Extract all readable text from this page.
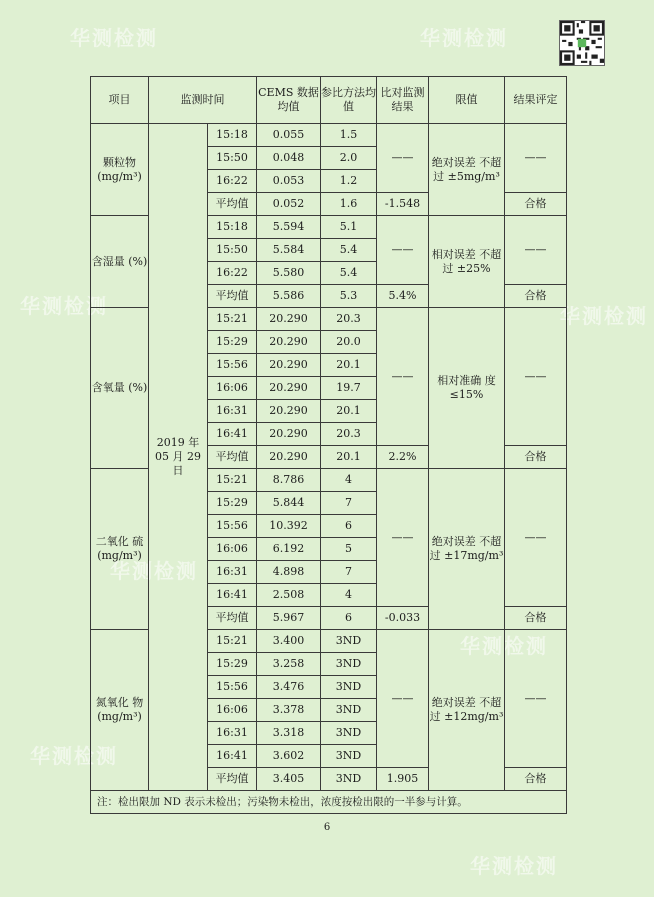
华测检测	华测检测
华测检测	华测检测
华测检测
华测检测
华测检测
华测检测
项目	监测时间		CEMS 数据均值	参比方法均值	比对监测结果	限值	结果评定
颗粒物 (mg/m³)	2019 年 05 月 29 日	15:18	0.055	1.5	——	绝对误差 不超过 ±5mg/m³	——
		15:50	0.048	2.0			
		16:22	0.053	1.2			
		平均值	0.052	1.6	-1.548		合格
含湿量 (%)		15:18	5.594	5.1	——	相对误差 不超过 ±25%	——
		15:50	5.584	5.4			
		16:22	5.580	5.4			
		平均值	5.586	5.3	5.4%		合格
含氧量 (%)		15:21	20.290	20.3	——	相对准确 度≤15%	——
		15:29	20.290	20.0			
		15:56	20.290	20.1			
		16:06	20.290	19.7			
		16:31	20.290	20.1			
		16:41	20.290	20.3			
		平均值	20.290	20.1	2.2%		合格
二氧化 硫 (mg/m³)		15:21	8.786	4	——	绝对误差 不超过 ±17mg/m³	——
		15:29	5.844	7			
		15:56	10.392	6			
		16:06	6.192	5			
		16:31	4.898	7			
		16:41	2.508	4			
		平均值	5.967	6	-0.033		合格
氮氧化 物 (mg/m³)		15:21	3.400	3ND	——	绝对误差 不超过 ±12mg/m³	——
		15:29	3.258	3ND			
		15:56	3.476	3ND			
		16:06	3.378	3ND			
		16:31	3.318	3ND			
		16:41	3.602	3ND			
		平均值	3.405	3ND	1.905		合格
注：检出限加 ND 表示未检出；污染物未检出，浓度按检出限的一半参与计算。							
6
